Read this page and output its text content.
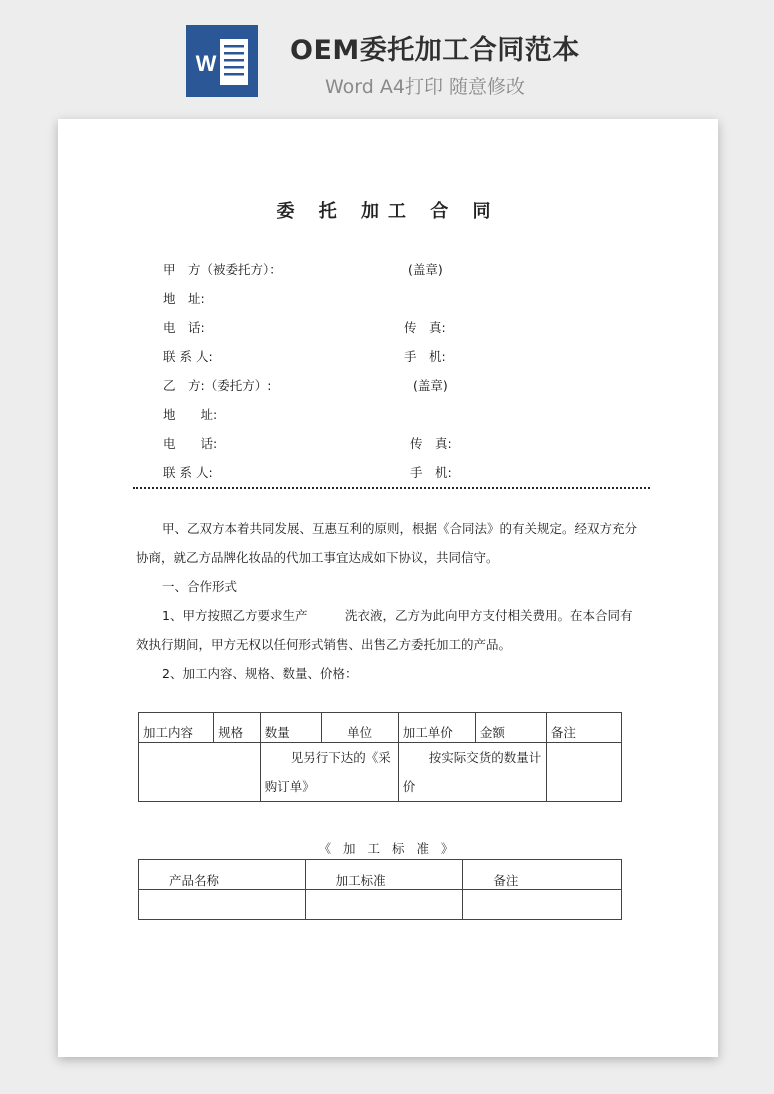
W	OEM委托加工合同范本
Word A4打印 随意修改

委 托 加工 合 同
甲　方（被委托方）：	(盖章)
地　址:
电　话:	传　真:
联 系 人:	手　机:
乙　方:（委托方）:	(盖章)
地　　址:
电　　话:	传　真:
联 系 人:	手　机:
甲、乙双方本着共同发展、互惠互利的原则，根据《合同法》的有关规定。经双方充分
协商，就乙方品牌化妆品的代加工事宜达成如下协议，共同信守。
一、合作形式
1、甲方按照乙方要求生产　　　洗衣液，乙方为此向甲方支付相关费用。在本合同有
效执行期间，甲方无权以任何形式销售、出售乙方委托加工的产品。
2、加工内容、规格、数量、价格：
加工内容	规格	数量	单位	加工单价	金额	备注
		见另行下达的《采购订单》		按实际交货的数量计价		
《 加 工 标 准 》
产品名称	加工标准	备注
